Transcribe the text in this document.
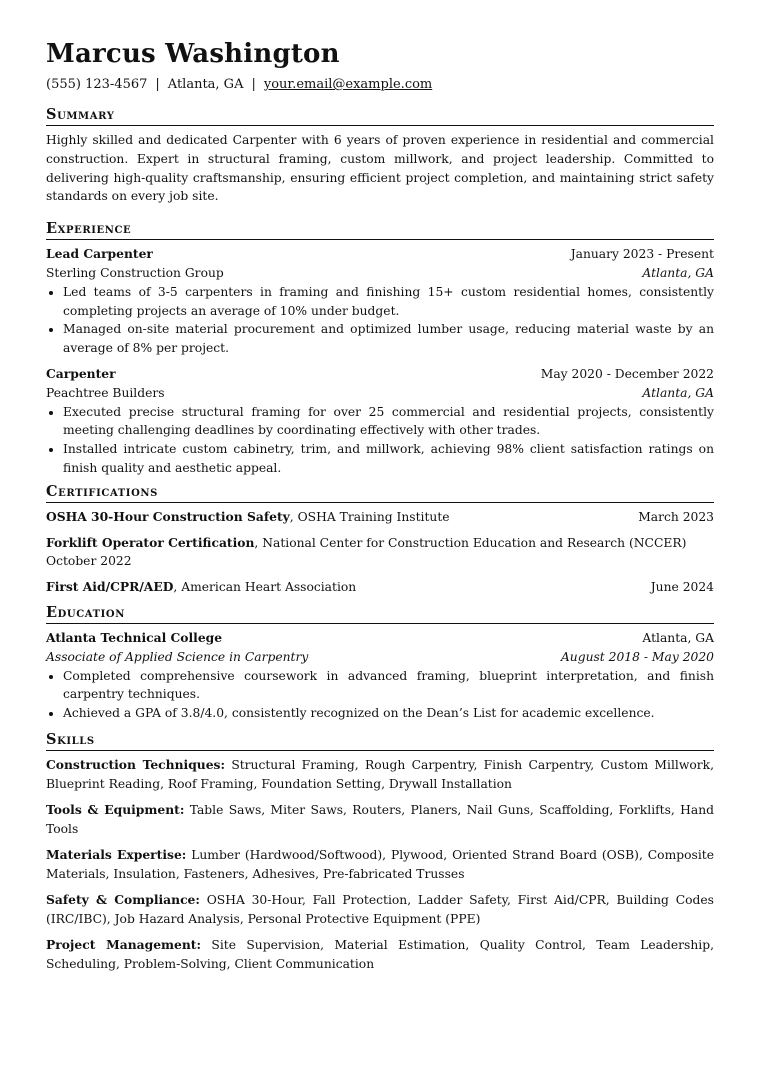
Marcus Washington
(555) 123-4567 | Atlanta, GA | your.email@example.com
Summary
Highly skilled and dedicated Carpenter with 6 years of proven experience in residential and commercial construction. Expert in structural framing, custom millwork, and project leadership. Committed to delivering high-quality craftsmanship, ensuring efficient project completion, and maintaining strict safety standards on every job site.
Experience
Lead Carpenter	January 2023 - Present
Sterling Construction Group	Atlanta, GA
• Led teams of 3-5 carpenters in framing and finishing 15+ custom residential homes, consistently completing projects an average of 10% under budget.
• Managed on-site material procurement and optimized lumber usage, reducing material waste by an average of 8% per project.
Carpenter	May 2020 - December 2022
Peachtree Builders	Atlanta, GA
• Executed precise structural framing for over 25 commercial and residential projects, consistently meeting challenging deadlines by coordinating effectively with other trades.
• Installed intricate custom cabinetry, trim, and millwork, achieving 98% client satisfaction ratings on finish quality and aesthetic appeal.
Certifications
OSHA 30-Hour Construction Safety, OSHA Training Institute	March 2023
Forklift Operator Certification, National Center for Construction Education and Research (NCCER)
October 2022
First Aid/CPR/AED, American Heart Association	June 2024
Education
Atlanta Technical College	Atlanta, GA
Associate of Applied Science in Carpentry	August 2018 - May 2020
• Completed comprehensive coursework in advanced framing, blueprint interpretation, and finish carpentry techniques.
• Achieved a GPA of 3.8/4.0, consistently recognized on the Dean’s List for academic excellence.
Skills
Construction Techniques: Structural Framing, Rough Carpentry, Finish Carpentry, Custom Millwork, Blueprint Reading, Roof Framing, Foundation Setting, Drywall Installation
Tools & Equipment: Table Saws, Miter Saws, Routers, Planers, Nail Guns, Scaffolding, Forklifts, Hand Tools
Materials Expertise: Lumber (Hardwood/Softwood), Plywood, Oriented Strand Board (OSB), Composite Materials, Insulation, Fasteners, Adhesives, Pre-fabricated Trusses
Safety & Compliance: OSHA 30-Hour, Fall Protection, Ladder Safety, First Aid/CPR, Building Codes (IRC/IBC), Job Hazard Analysis, Personal Protective Equipment (PPE)
Project Management: Site Supervision, Material Estimation, Quality Control, Team Leadership, Scheduling, Problem-Solving, Client Communication
